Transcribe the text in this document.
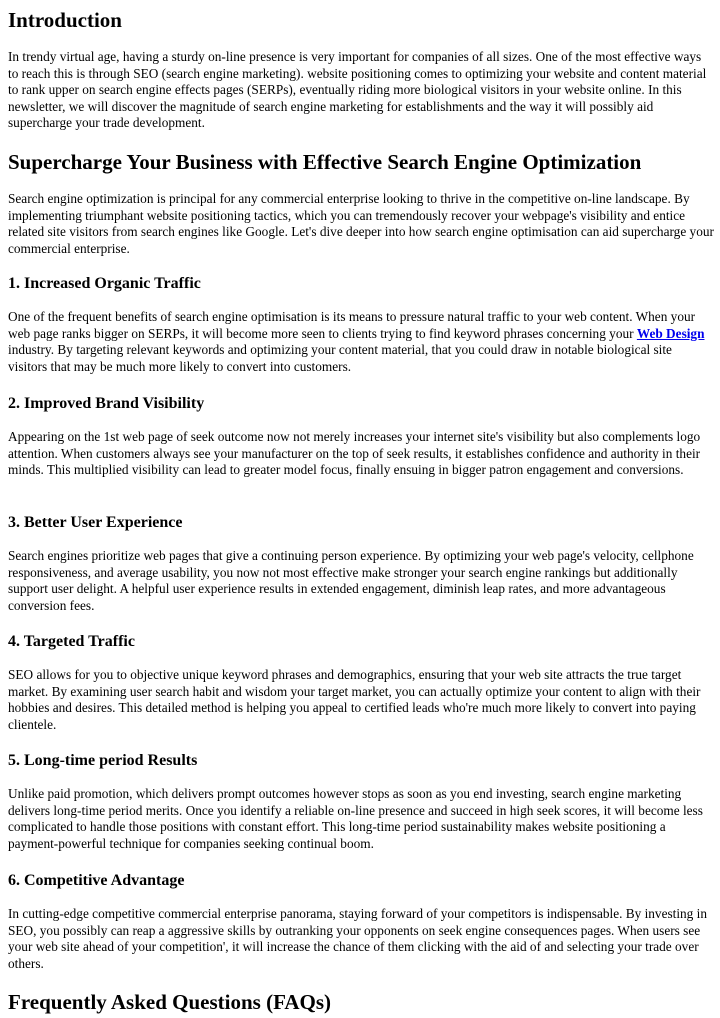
Introduction

In trendy virtual age, having a sturdy on-line presence is very important for companies of all sizes. One of the most effective ways to reach this is through SEO (search engine marketing). website positioning comes to optimizing your website and content material to rank upper on search engine effects pages (SERPs), eventually riding more biological visitors in your website online. In this newsletter, we will discover the magnitude of search engine marketing for establishments and the way it will possibly aid supercharge your trade development.

Supercharge Your Business with Effective Search Engine Optimization

Search engine optimization is principal for any commercial enterprise looking to thrive in the competitive on-line landscape. By implementing triumphant website positioning tactics, which you can tremendously recover your webpage's visibility and entice related site visitors from search engines like Google. Let's dive deeper into how search engine optimisation can aid supercharge your commercial enterprise.

1. Increased Organic Traffic

One of the frequent benefits of search engine optimisation is its means to pressure natural traffic to your web content. When your web page ranks bigger on SERPs, it will become more seen to clients trying to find keyword phrases concerning your Web Design industry. By targeting relevant keywords and optimizing your content material, that you could draw in notable biological site visitors that may be much more likely to convert into customers.

2. Improved Brand Visibility

Appearing on the 1st web page of seek outcome now not merely increases your internet site's visibility but also complements logo attention. When customers always see your manufacturer on the top of seek results, it establishes confidence and authority in their minds. This multiplied visibility can lead to greater model focus, finally ensuing in bigger patron engagement and conversions.

3. Better User Experience

Search engines prioritize web pages that give a continuing person experience. By optimizing your web page's velocity, cellphone responsiveness, and average usability, you now not most effective make stronger your search engine rankings but additionally support user delight. A helpful user experience results in extended engagement, diminish leap rates, and more advantageous conversion fees.

4. Targeted Traffic

SEO allows for you to objective unique keyword phrases and demographics, ensuring that your web site attracts the true target market. By examining user search habit and wisdom your target market, you can actually optimize your content to align with their hobbies and desires. This detailed method is helping you appeal to certified leads who're much more likely to convert into paying clientele.

5. Long-time period Results

Unlike paid promotion, which delivers prompt outcomes however stops as soon as you end investing, search engine marketing delivers long-time period merits. Once you identify a reliable on-line presence and succeed in high seek scores, it will become less complicated to handle those positions with constant effort. This long-time period sustainability makes website positioning a payment-powerful technique for companies seeking continual boom.

6. Competitive Advantage

In cutting-edge competitive commercial enterprise panorama, staying forward of your competitors is indispensable. By investing in SEO, you possibly can reap a aggressive skills by outranking your opponents on seek engine consequences pages. When users see your web site ahead of your competition', it will increase the chance of them clicking with the aid of and selecting your trade over others.

Frequently Asked Questions (FAQs)
